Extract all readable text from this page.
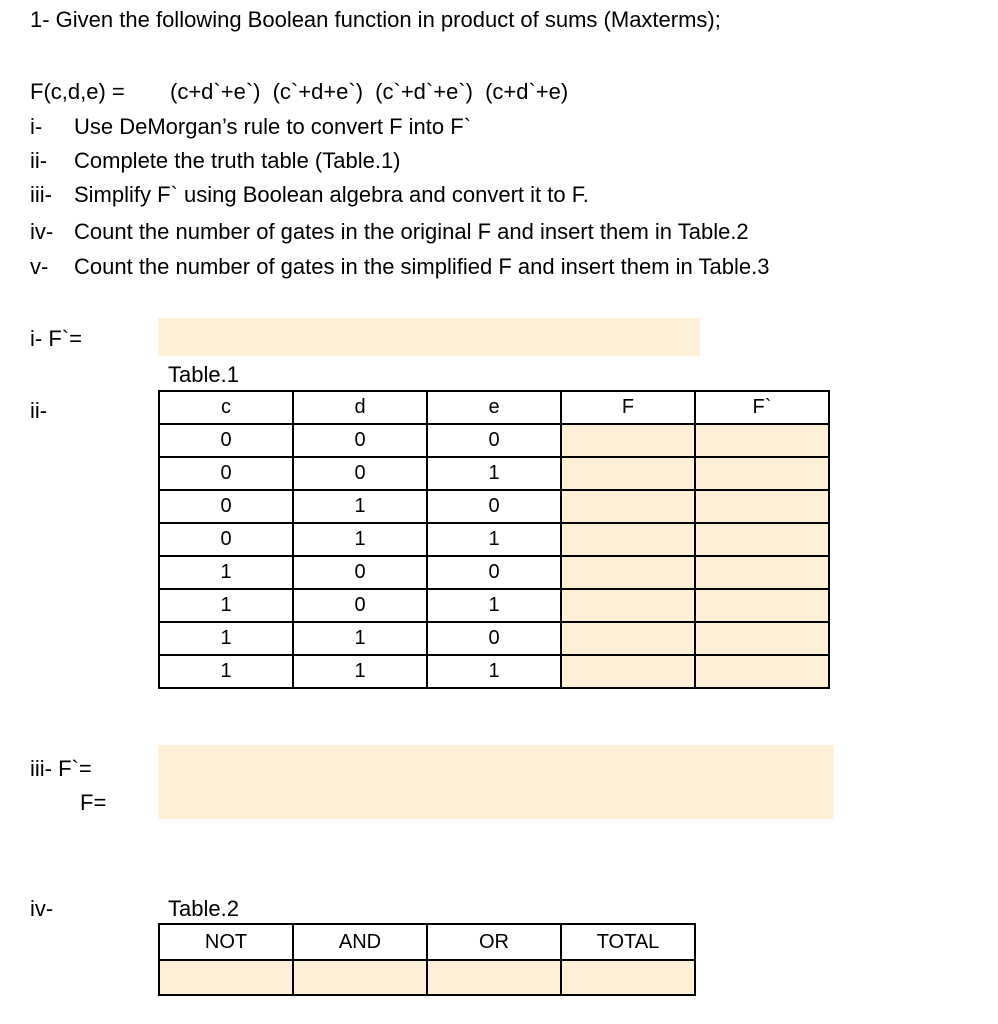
1- Given the following Boolean function in product of sums (Maxterms);
F(c,d,e) = (c+d`+e`) (c`+d+e`) (c`+d`+e`) (c+d`+e)
i- Use DeMorgan’s rule to convert F into F`
ii- Complete the truth table (Table.1)
iii- Simplify F` using Boolean algebra and convert it to F.
iv- Count the number of gates in the original F and insert them in Table.2
v- Count the number of gates in the simplified F and insert them in Table.3
i- F`=
Table.1
ii-	c	d	e	F	F`
0	0	0		
0	0	1		
0	1	0		
0	1	1		
1	0	0		
1	0	1		
1	1	0		
1	1	1		
iii- F`=
F=
iv-	Table.2
NOT	AND	OR	TOTAL
